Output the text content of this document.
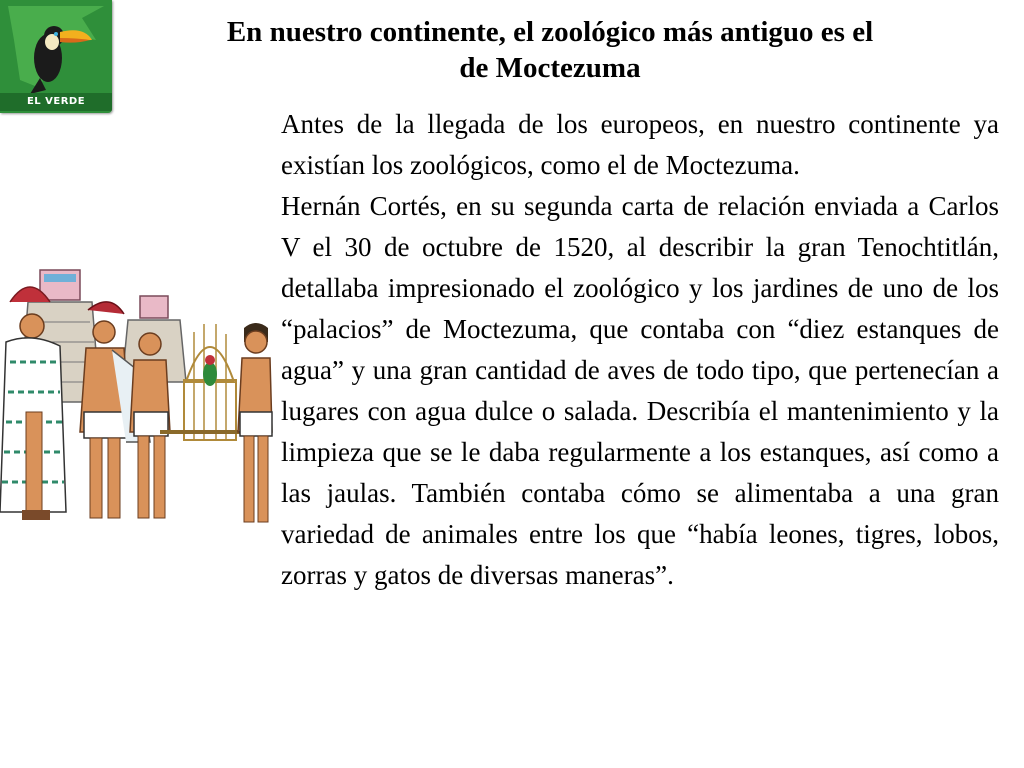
EL VERDE
En nuestro continente, el zoológico más antiguo es el
de Moctezuma

Antes de la llegada de los europeos, en nuestro continente ya existían los zoológicos, como el de Moctezuma.

Hernán Cortés, en su segunda carta de relación enviada a Carlos V el 30 de octubre de 1520, al describir la gran Tenochtitlán, detallaba impresionado el zoológico y los jardines de uno de los “palacios” de Moctezuma, que contaba con “diez estanques de agua” y una gran cantidad de aves de todo tipo, que pertenecían a lugares con agua dulce o salada. Describía el mantenimiento y la limpieza que se le daba regularmente a los estanques, así como a las jaulas. También contaba cómo se alimentaba a una gran variedad de animales entre los que “había leones, tigres, lobos, zorras y gatos de diversas maneras”.
